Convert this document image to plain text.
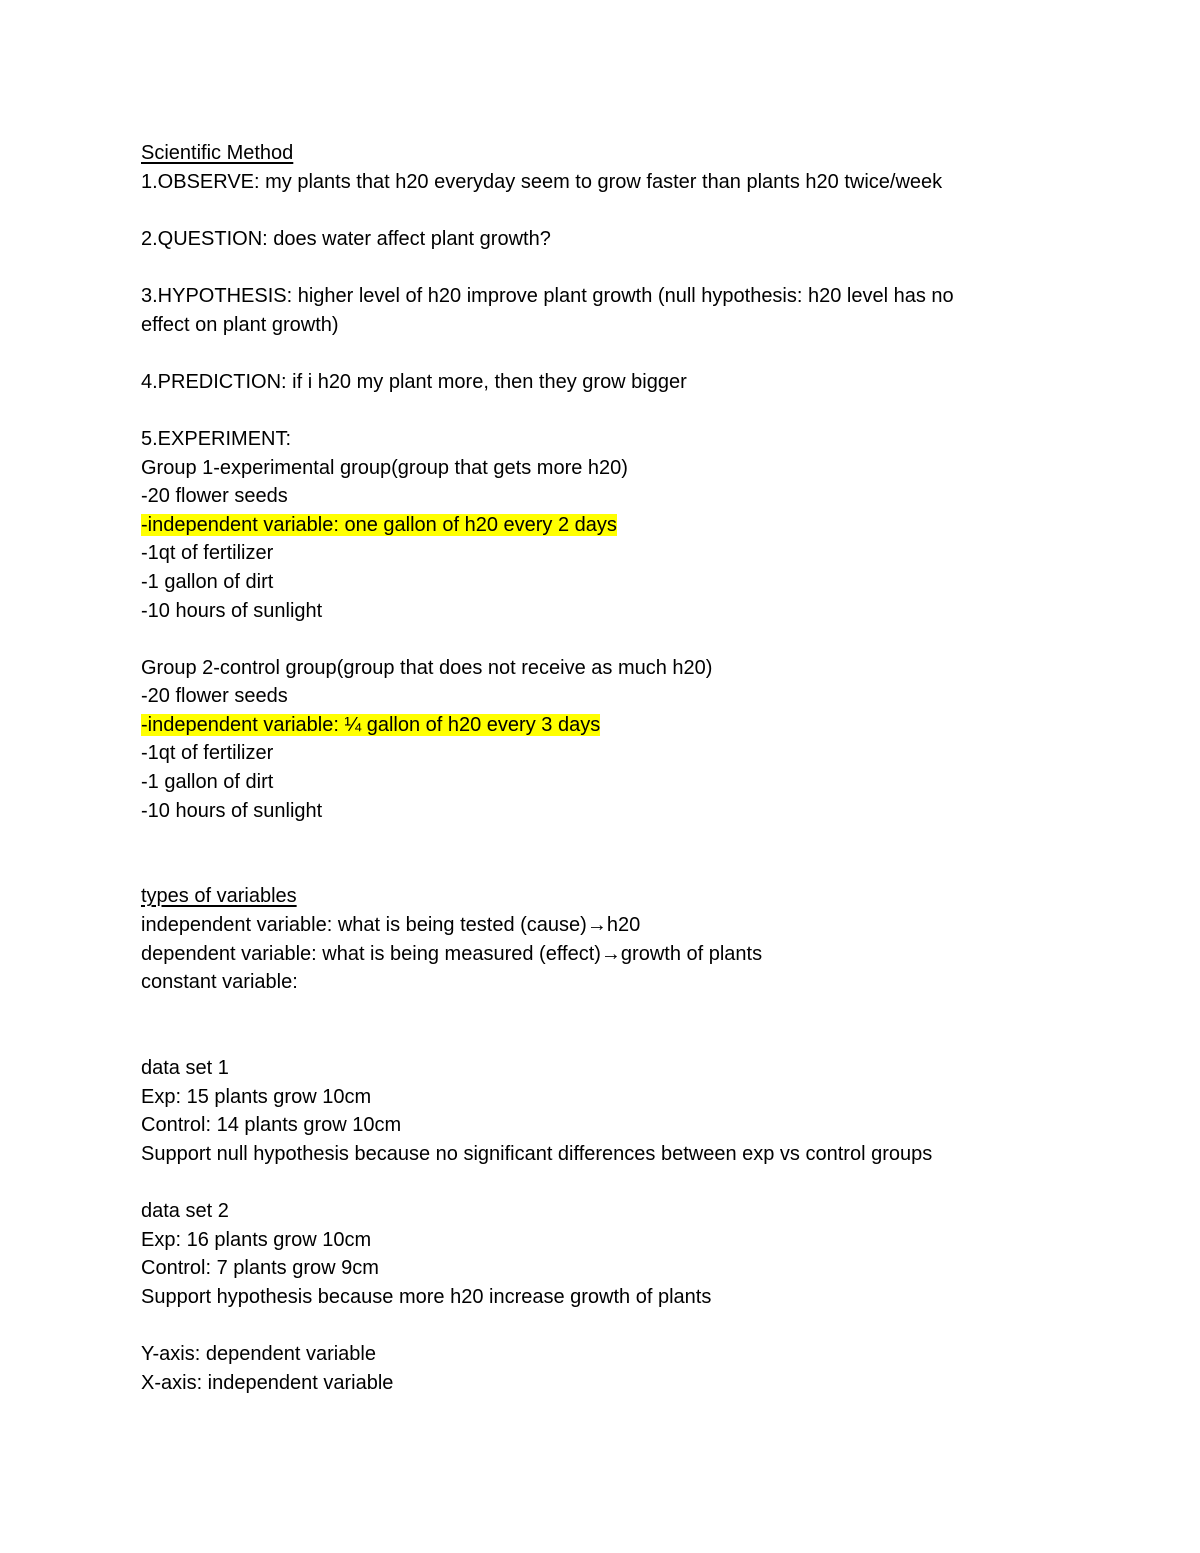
Scientific Method
1.OBSERVE: my plants that h20 everyday seem to grow faster than plants h20 twice/week
2.QUESTION: does water affect plant growth?
3.HYPOTHESIS: higher level of h20 improve plant growth (null hypothesis: h20 level has no
effect on plant growth)
4.PREDICTION: if i h20 my plant more, then they grow bigger
5.EXPERIMENT:
Group 1-experimental group(group that gets more h20)
-20 flower seeds
-independent variable: one gallon of h20 every 2 days
-1qt of fertilizer
-1 gallon of dirt
-10 hours of sunlight
Group 2-control group(group that does not receive as much h20)
-20 flower seeds
-independent variable: ¼ gallon of h20 every 3 days
-1qt of fertilizer
-1 gallon of dirt
-10 hours of sunlight
types of variables
independent variable: what is being tested (cause)→h20
dependent variable: what is being measured (effect)→growth of plants
constant variable:
data set 1
Exp: 15 plants grow 10cm
Control: 14 plants grow 10cm
Support null hypothesis because no significant differences between exp vs control groups
data set 2
Exp: 16 plants grow 10cm
Control: 7 plants grow 9cm
Support hypothesis because more h20 increase growth of plants
Y-axis: dependent variable
X-axis: independent variable
